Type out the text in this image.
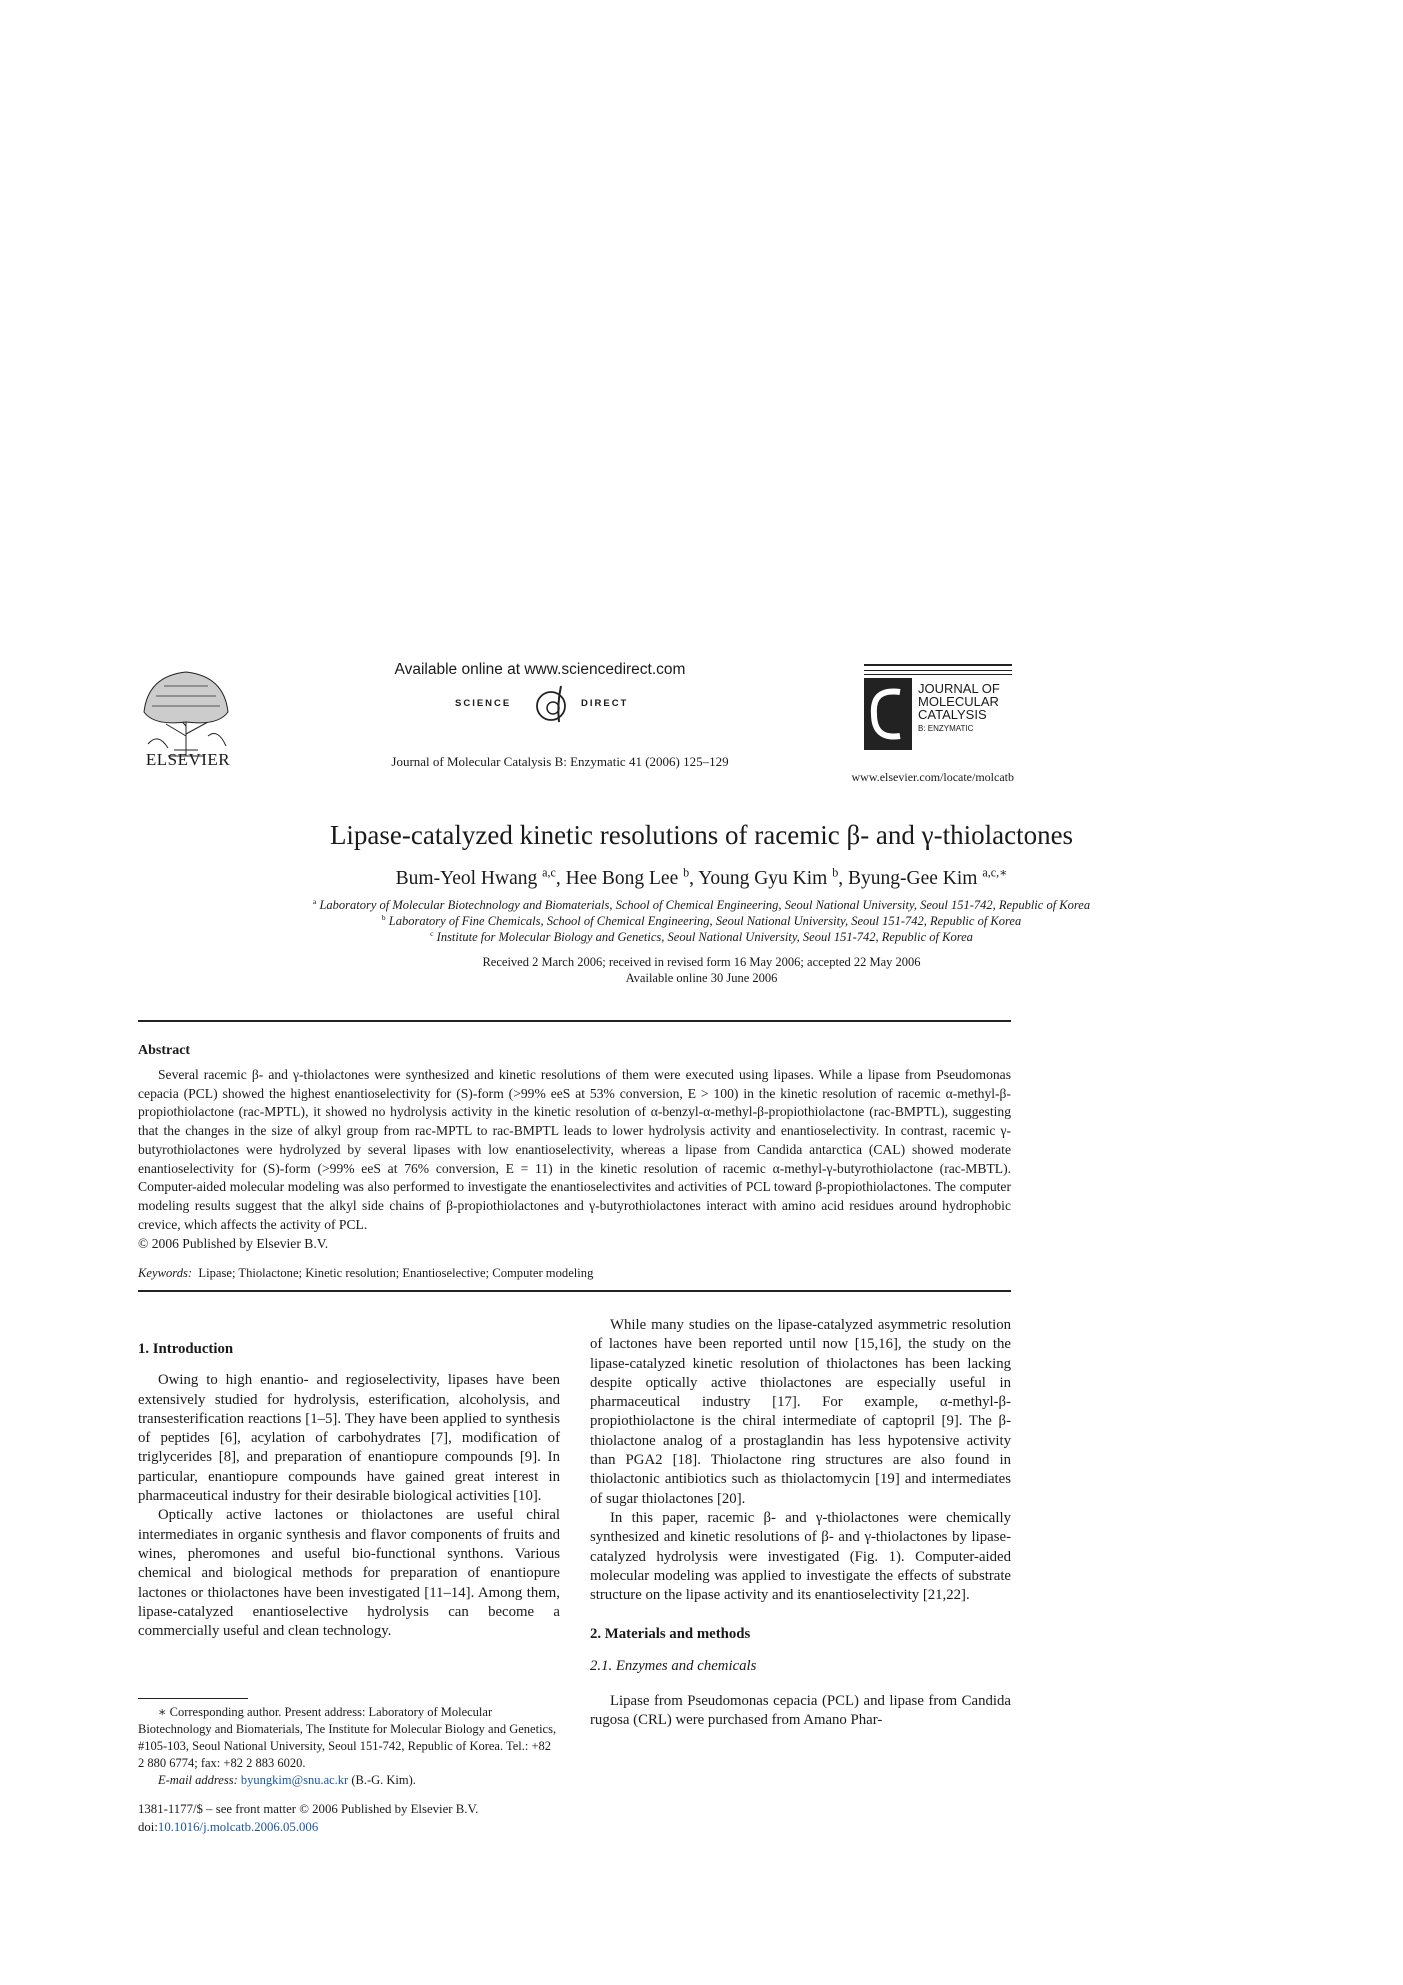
ELSEVIER
Available online at www.sciencedirect.com
SCIENCE	DIRECT
Journal of Molecular Catalysis B: Enzymatic 41 (2006) 125–129
JOURNAL OF
MOLECULAR
CATALYSIS
B: ENZYMATIC
www.elsevier.com/locate/molcatb
Lipase-catalyzed kinetic resolutions of racemic β- and γ-thiolactones
Bum-Yeol Hwang $^{a,c}$, Hee Bong Lee $^b$, Young Gyu Kim $^b$, Byung-Gee Kim $^{a,c,∗}$
$^a$ Laboratory of Molecular Biotechnology and Biomaterials, School of Chemical Engineering, Seoul National University, Seoul 151-742, Republic of Korea
$^b$ Laboratory of Fine Chemicals, School of Chemical Engineering, Seoul National University, Seoul 151-742, Republic of Korea
$^c$ Institute for Molecular Biology and Genetics, Seoul National University, Seoul 151-742, Republic of Korea
Received 2 March 2006; received in revised form 16 May 2006; accepted 22 May 2006
Available online 30 June 2006
Abstract

Several racemic β- and γ-thiolactones were synthesized and kinetic resolutions of them were executed using lipases. While a lipase from Pseudomonas cepacia (PCL) showed the highest enantioselectivity for (S)-form (>99% eeS at 53% conversion, E > 100) in the kinetic resolution of racemic α-methyl-β-propiothiolactone (rac-MPTL), it showed no hydrolysis activity in the kinetic resolution of α-benzyl-α-methyl-β-propiothiolactone (rac-BMPTL), suggesting that the changes in the size of alkyl group from rac-MPTL to rac-BMPTL leads to lower hydrolysis activity and enantioselectivity. In contrast, racemic γ-butyrothiolactones were hydrolyzed by several lipases with low enantioselectivity, whereas a lipase from Candida antarctica (CAL) showed moderate enantioselectivity for (S)-form (>99% eeS at 76% conversion, E = 11) in the kinetic resolution of racemic α-methyl-γ-butyrothiolactone (rac-MBTL). Computer-aided molecular modeling was also performed to investigate the enantioselectivites and activities of PCL toward β-propiothiolactones. The computer modeling results suggest that the alkyl side chains of β-propiothiolactones and γ-butyrothiolactones interact with amino acid residues around hydrophobic crevice, which affects the activity of PCL.

© 2006 Published by Elsevier B.V.
Keywords: Lipase; Thiolactone; Kinetic resolution; Enantioselective; Computer modeling
1. Introduction

Owing to high enantio- and regioselectivity, lipases have been extensively studied for hydrolysis, esterification, alcoholysis, and transesterification reactions [1–5]. They have been applied to synthesis of peptides [6], acylation of carbohydrates [7], modification of triglycerides [8], and preparation of enantiopure compounds [9]. In particular, enantiopure compounds have gained great interest in pharmaceutical industry for their desirable biological activities [10].

Optically active lactones or thiolactones are useful chiral intermediates in organic synthesis and flavor components of fruits and wines, pheromones and useful bio-functional synthons. Various chemical and biological methods for preparation of enantiopure lactones or thiolactones have been investigated [11–14]. Among them, lipase-catalyzed enantioselective hydrolysis can become a commercially useful and clean technology.

∗ Corresponding author. Present address: Laboratory of Molecular Biotechnology and Biomaterials, The Institute for Molecular Biology and Genetics, #105-103, Seoul National University, Seoul 151-742, Republic of Korea. Tel.: +82 2 880 6774; fax: +82 2 883 6020.

E-mail address: byungkim@snu.ac.kr (B.-G. Kim).

1381-1177/$ – see front matter © 2006 Published by Elsevier B.V.
doi:10.1016/j.molcatb.2006.05.006

While many studies on the lipase-catalyzed asymmetric resolution of lactones have been reported until now [15,16], the study on the lipase-catalyzed kinetic resolution of thiolactones has been lacking despite optically active thiolactones are especially useful in pharmaceutical industry [17]. For example, α-methyl-β-propiothiolactone is the chiral intermediate of captopril [9]. The β-thiolactone analog of a prostaglandin has less hypotensive activity than PGA2 [18]. Thiolactone ring structures are also found in thiolactonic antibiotics such as thiolactomycin [19] and intermediates of sugar thiolactones [20].

In this paper, racemic β- and γ-thiolactones were chemically synthesized and kinetic resolutions of β- and γ-thiolactones by lipase-catalyzed hydrolysis were investigated (Fig. 1). Computer-aided molecular modeling was applied to investigate the effects of substrate structure on the lipase activity and its enantioselectivity [21,22].

2. Materials and methods
2.1. Enzymes and chemicals

Lipase from Pseudomonas cepacia (PCL) and lipase from Candida rugosa (CRL) were purchased from Amano Phar-
